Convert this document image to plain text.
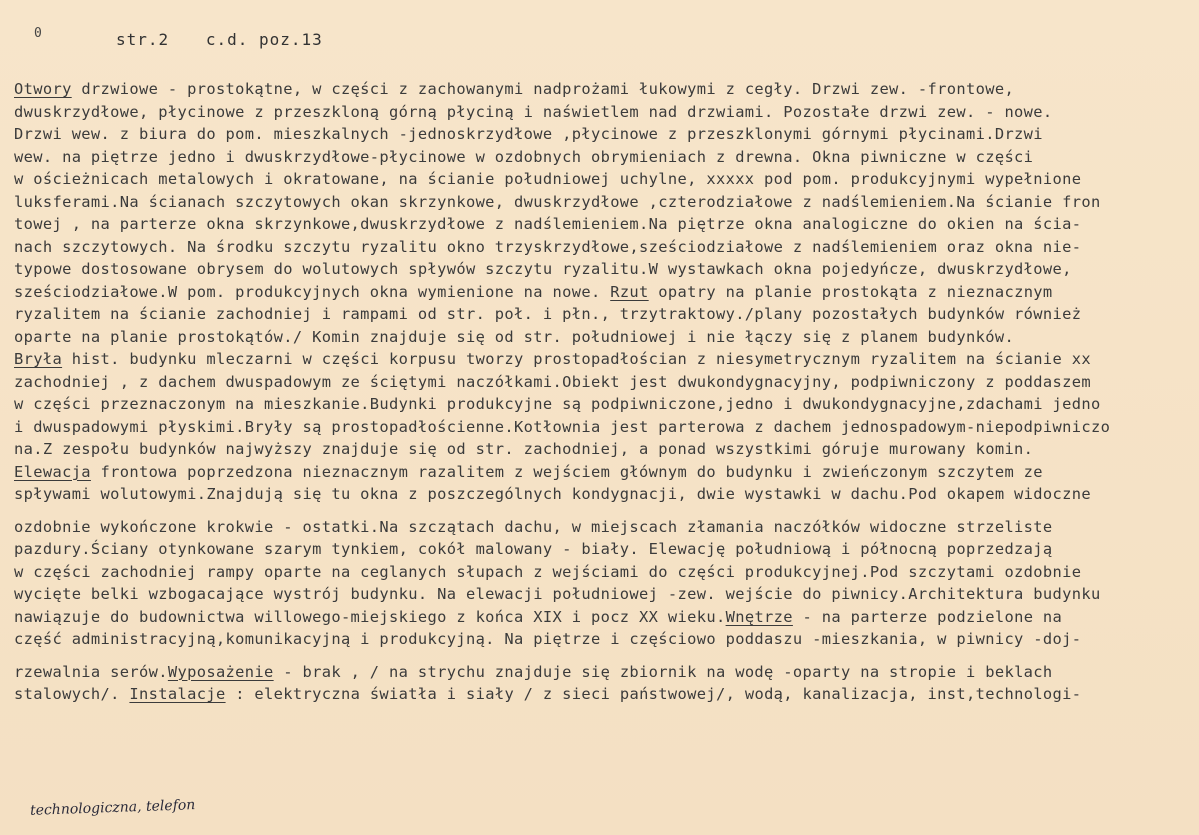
0	str.2 c.d. poz.13
Otwory drzwiowe - prostokątne, w części z zachowanymi nadprożami łukowymi z cegły. Drzwi zew. -frontowe,
dwuskrzydłowe, płycinowe z przeszkloną górną płyciną i naświetlem nad drzwiami. Pozostałe drzwi zew. - nowe.
Drzwi wew. z biura do pom. mieszkalnych -jednoskrzydłowe ,płycinowe z przeszklonymi górnymi płycinami.Drzwi
wew. na piętrze jedno i dwuskrzydłowe-płycinowe w ozdobnych obrymieniach z drewna. Okna piwniczne w części
w ościeżnicach metalowych i okratowane, na ścianie południowej uchylne, xxxxx pod pom. produkcyjnymi wypełnione
luksferami.Na ścianach szczytowych okan skrzynkowe, dwuskrzydłowe ,czterodziałowe z nadślemieniem.Na ścianie fron
towej , na parterze okna skrzynkowe,dwuskrzydłowe z nadślemieniem.Na piętrze okna analogiczne do okien na ścia-
nach szczytowych. Na środku szczytu ryzalitu okno trzyskrzydłowe,sześciodziałowe z nadślemieniem oraz okna nie-
typowe dostosowane obrysem do wolutowych spływów szczytu ryzalitu.W wystawkach okna pojedyńcze, dwuskrzydłowe,
sześciodziałowe.W pom. produkcyjnych okna wymienione na nowe. Rzut opatry na planie prostokąta z nieznacznym
ryzalitem na ścianie zachodniej i rampami od str. poł. i płn., trzytraktowy./plany pozostałych budynków również
oparte na planie prostokątów./ Komin znajduje się od str. południowej i nie łączy się z planem budynków.
Bryła hist. budynku mleczarni w części korpusu tworzy prostopadłościan z niesymetrycznym ryzalitem na ścianie xx
zachodniej , z dachem dwuspadowym ze ściętymi naczółkami.Obiekt jest dwukondygnacyjny, podpiwniczony z poddaszem
w części przeznaczonym na mieszkanie.Budynki produkcyjne są podpiwniczone,jedno i dwukondygnacyjne,zdachami jedno
i dwuspadowymi płyskimi.Bryły są prostopadłościenne.Kotłownia jest parterowa z dachem jednospadowym-niepodpiwniczo
na.Z zespołu budynków najwyższy znajduje się od str. zachodniej, a ponad wszystkimi góruje murowany komin.
Elewacja frontowa poprzedzona nieznacznym razalitem z wejściem głównym do budynku i zwieńczonym szczytem ze
spływami wolutowymi.Znajdują się tu okna z poszczególnych kondygnacji, dwie wystawki w dachu.Pod okapem widoczne
ozdobnie wykończone krokwie - ostatki.Na szczątach dachu, w miejscach złamania naczółków widoczne strzeliste
pazdury.Ściany otynkowane szarym tynkiem, cokół malowany - biały. Elewację południową i północną poprzedzają
w części zachodniej rampy oparte na ceglanych słupach z wejściami do części produkcyjnej.Pod szczytami ozdobnie
wycięte belki wzbogacające wystrój budynku. Na elewacji południowej -zew. wejście do piwnicy.Architektura budynku
nawiązuje do budownictwa willowego-miejskiego z końca XIX i pocz XX wieku.Wnętrze - na parterze podzielone na
część administracyjną,komunikacyjną i produkcyjną. Na piętrze i częściowo poddaszu -mieszkania, w piwnicy -doj-
rzewalnia serów.Wyposażenie - brak , / na strychu znajduje się zbiornik na wodę -oparty na stropie i beklach
stalowych/. Instalacje : elektryczna światła i siały / z sieci państwowej/, wodą, kanalizacja, inst,technologi-
technologiczna, telefon
